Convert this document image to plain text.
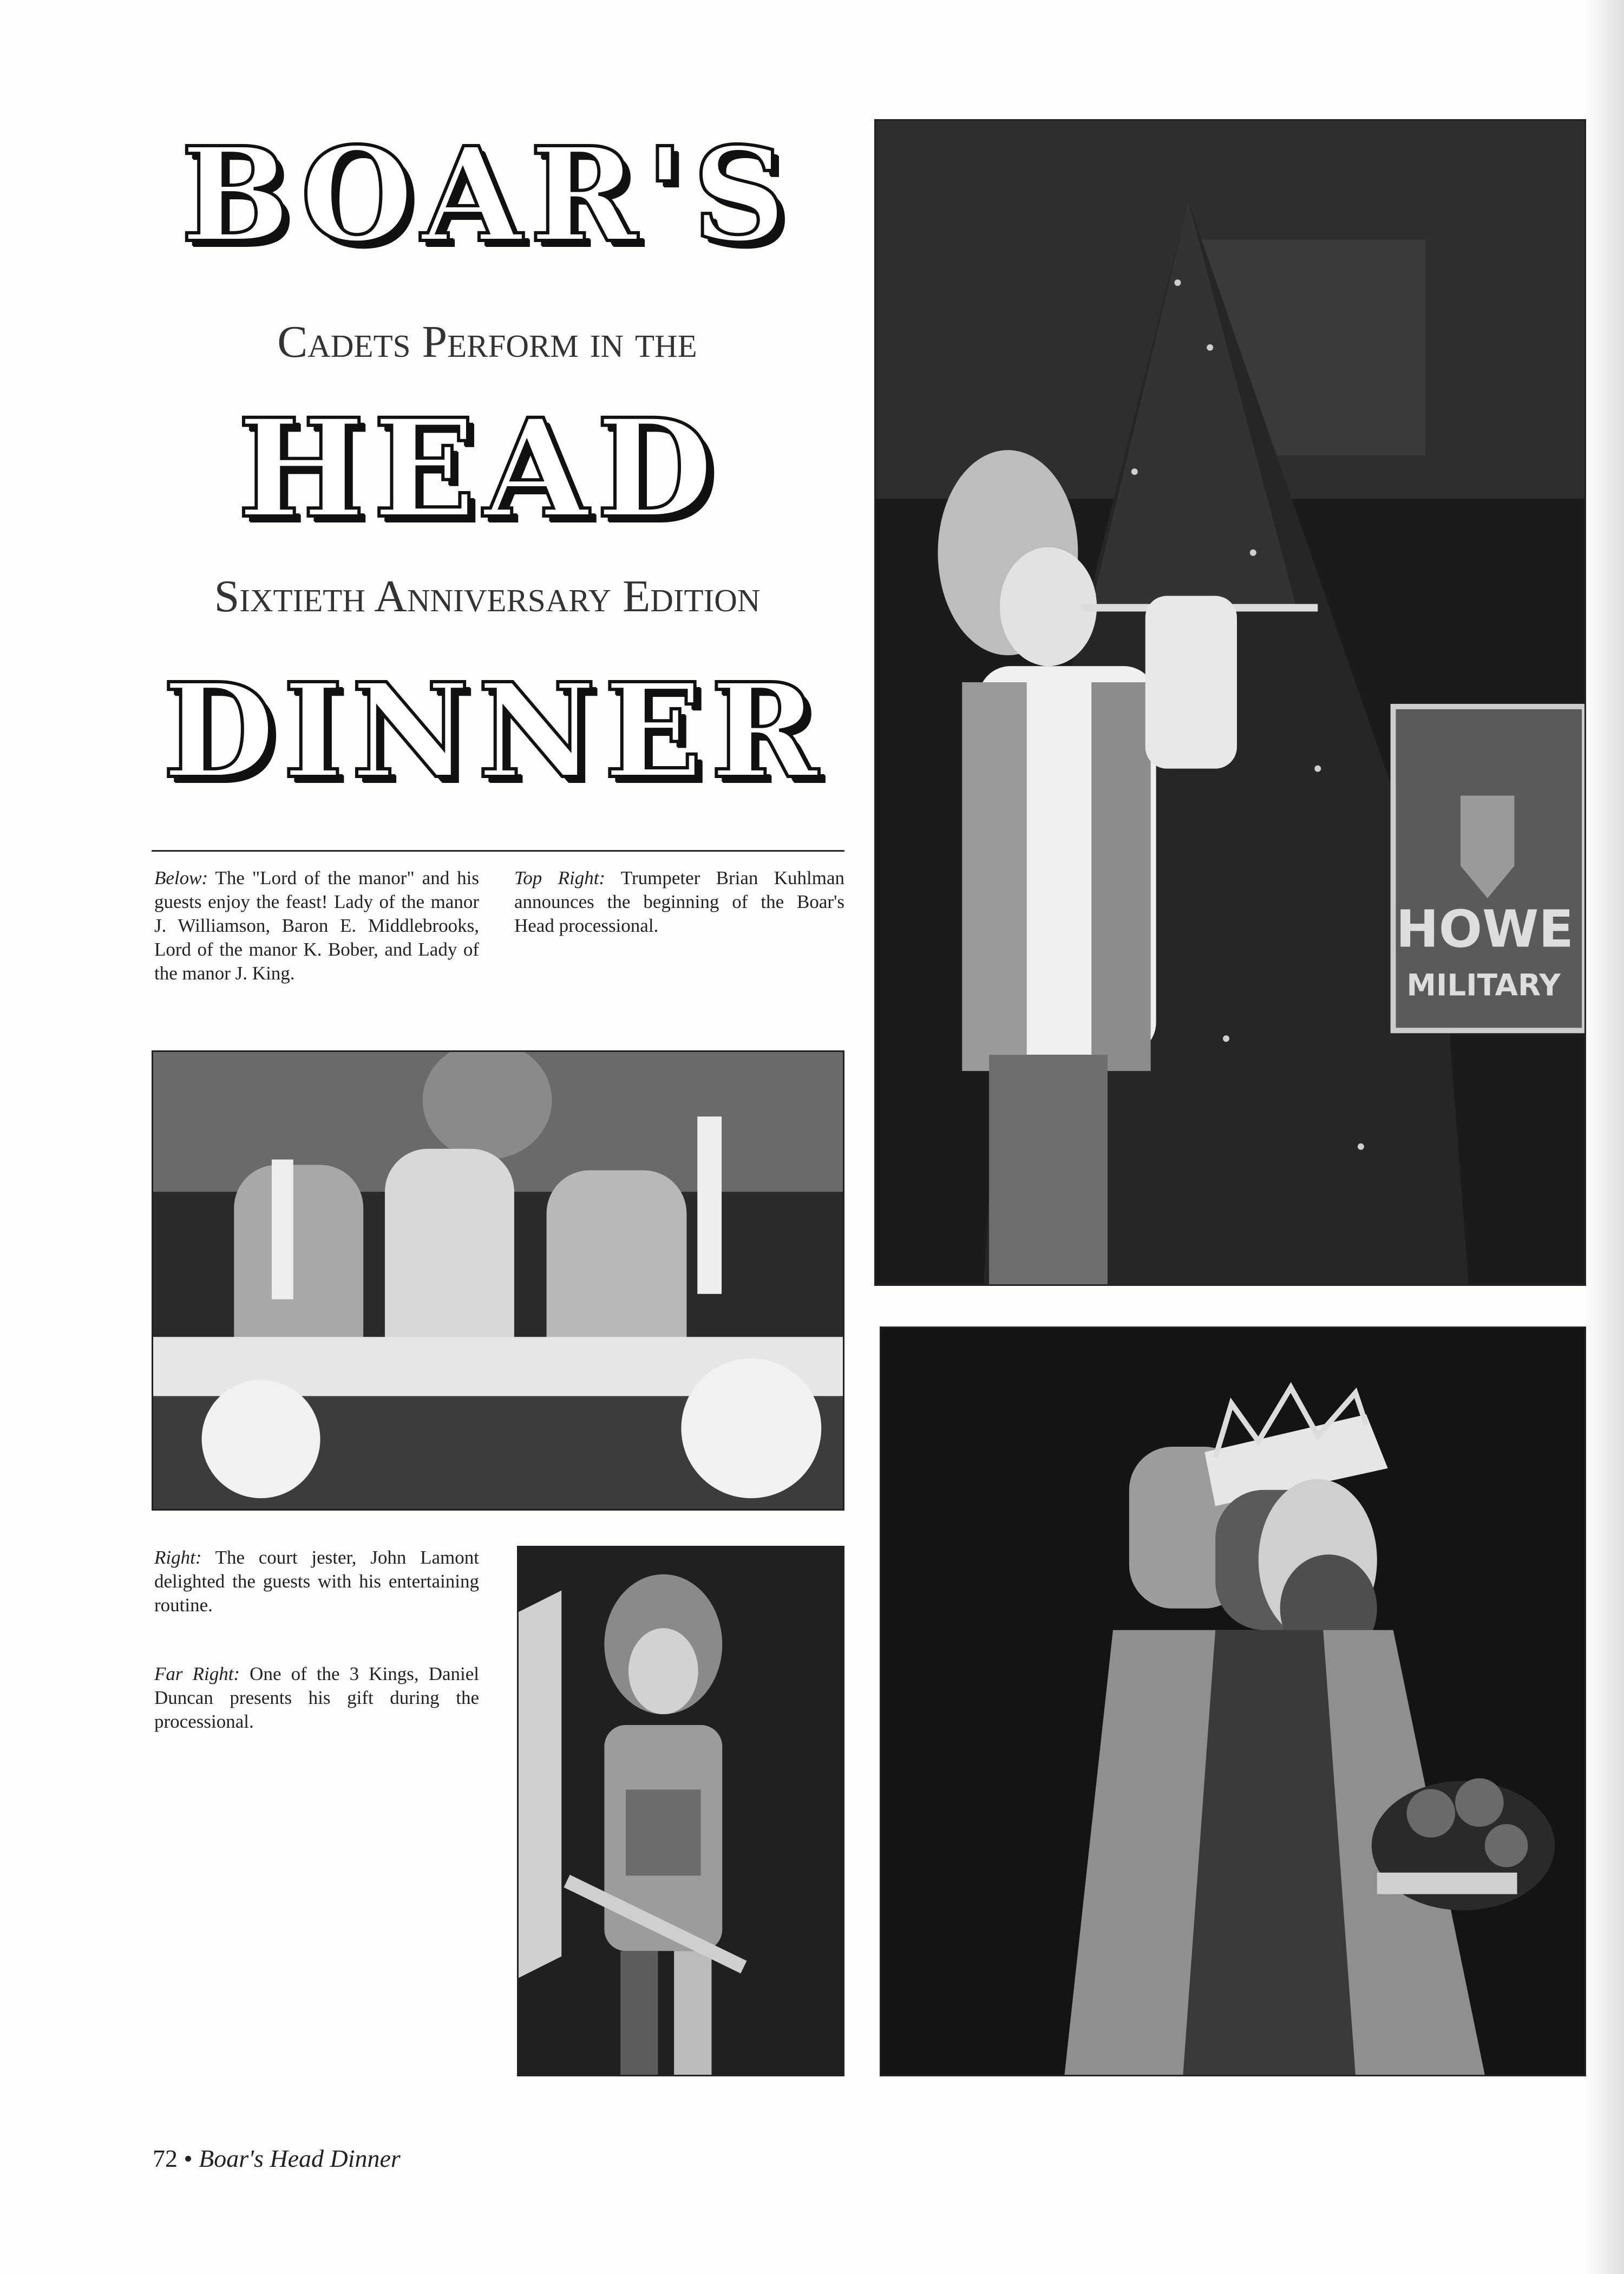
BOAR'S

Cadets Perform in the

HEAD

Sixtieth Anniversary Edition

DINNER

Below: The "Lord of the manor" and his guests enjoy the feast! Lady of the manor J. Williamson, Baron E. Middlebrooks, Lord of the manor K. Bober, and Lady of the manor J. King.

Top Right: Trumpeter Brian Kuhlman announces the beginning of the Boar's Head processional.	HOWE
MILITARY

Right: The court jester, John Lamont delighted the guests with his entertaining routine.

Far Right: One of the 3 Kings, Daniel Duncan presents his gift during the processional.

72 • Boar's Head Dinner
